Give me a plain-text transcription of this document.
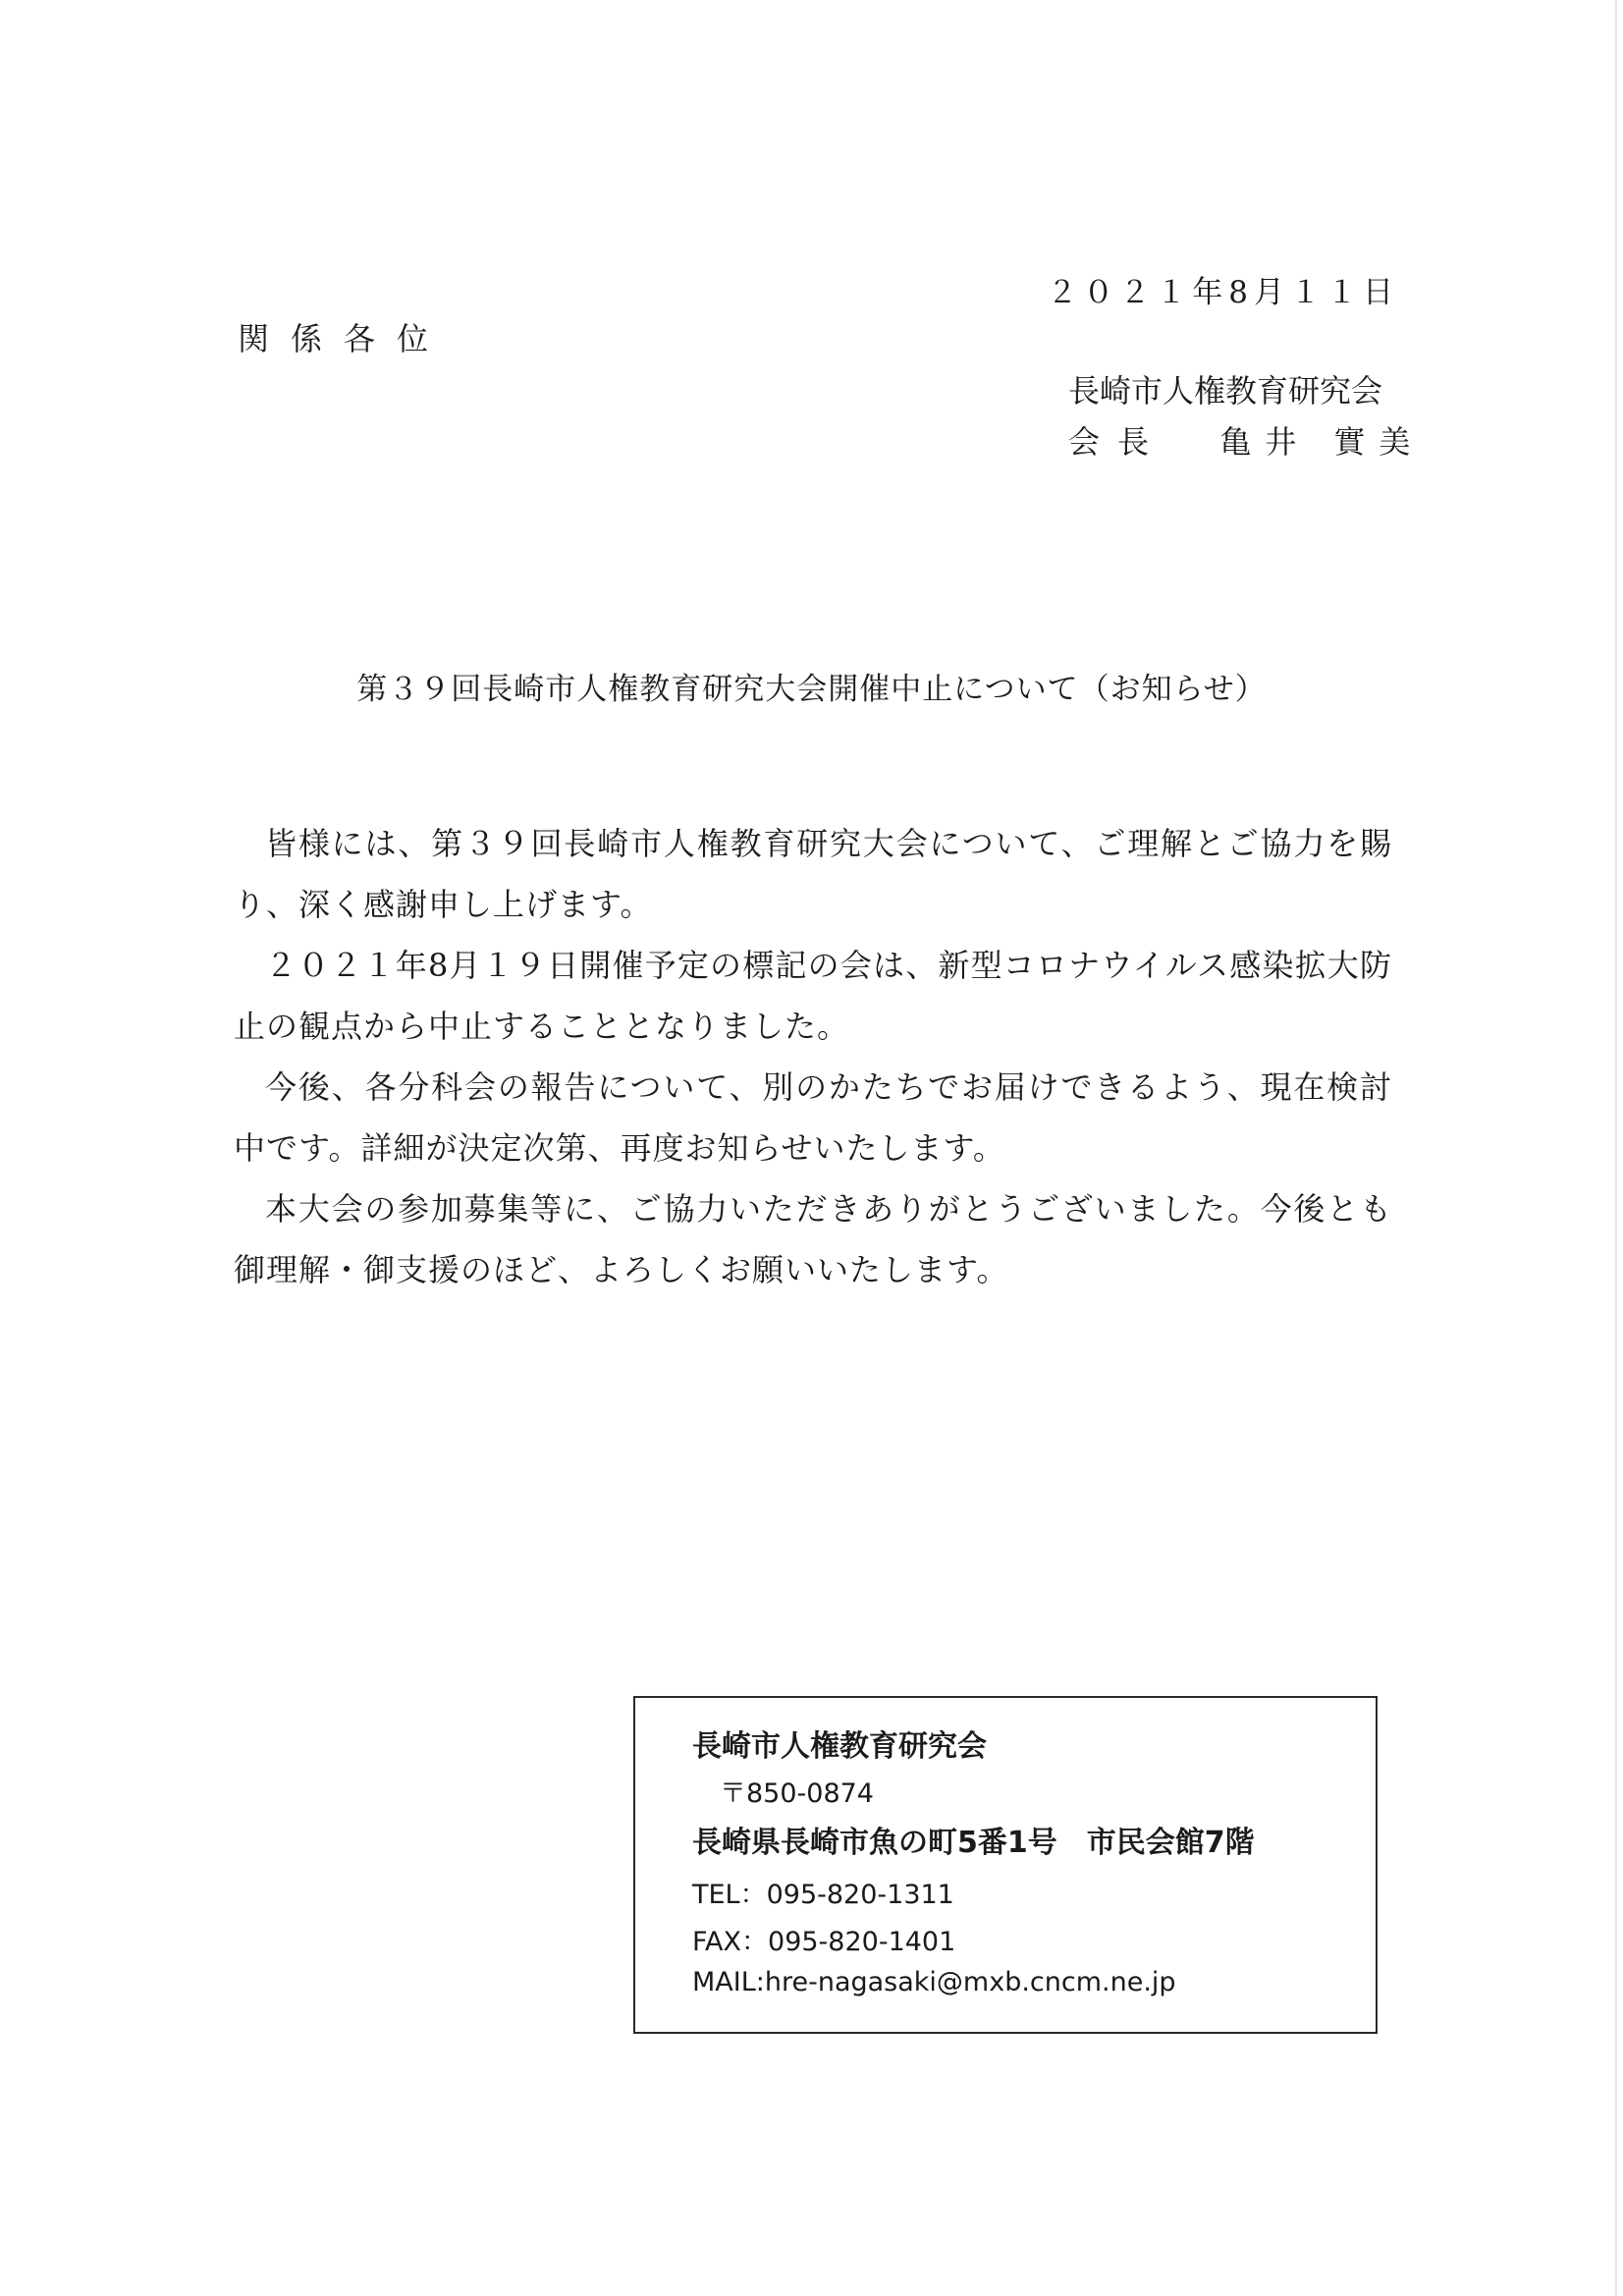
２０２１年8月１１日
関係各位
長崎市人権教育研究会
会長 亀井 實美
第３９回長崎市人権教育研究大会開催中止について（お知らせ）

皆様には、第３９回長崎市人権教育研究大会について、ご理解とご協力を賜り、深く感謝申し上げます。

２０２１年8月１９日開催予定の標記の会は、新型コロナウイルス感染拡大防止の観点から中止することとなりました。

今後、各分科会の報告について、別のかたちでお届けできるよう、現在検討中です。詳細が決定次第、再度お知らせいたします。

本大会の参加募集等に、ご協力いただきありがとうございました。今後とも御理解・御支援のほど、よろしくお願いいたします。

長崎市人権教育研究会
〒850-0874
長崎県長崎市魚の町5番1号　市民会館7階
TEL：095-820-1311
FAX：095-820-1401
MAIL:hre-nagasaki@mxb.cncm.ne.jp
